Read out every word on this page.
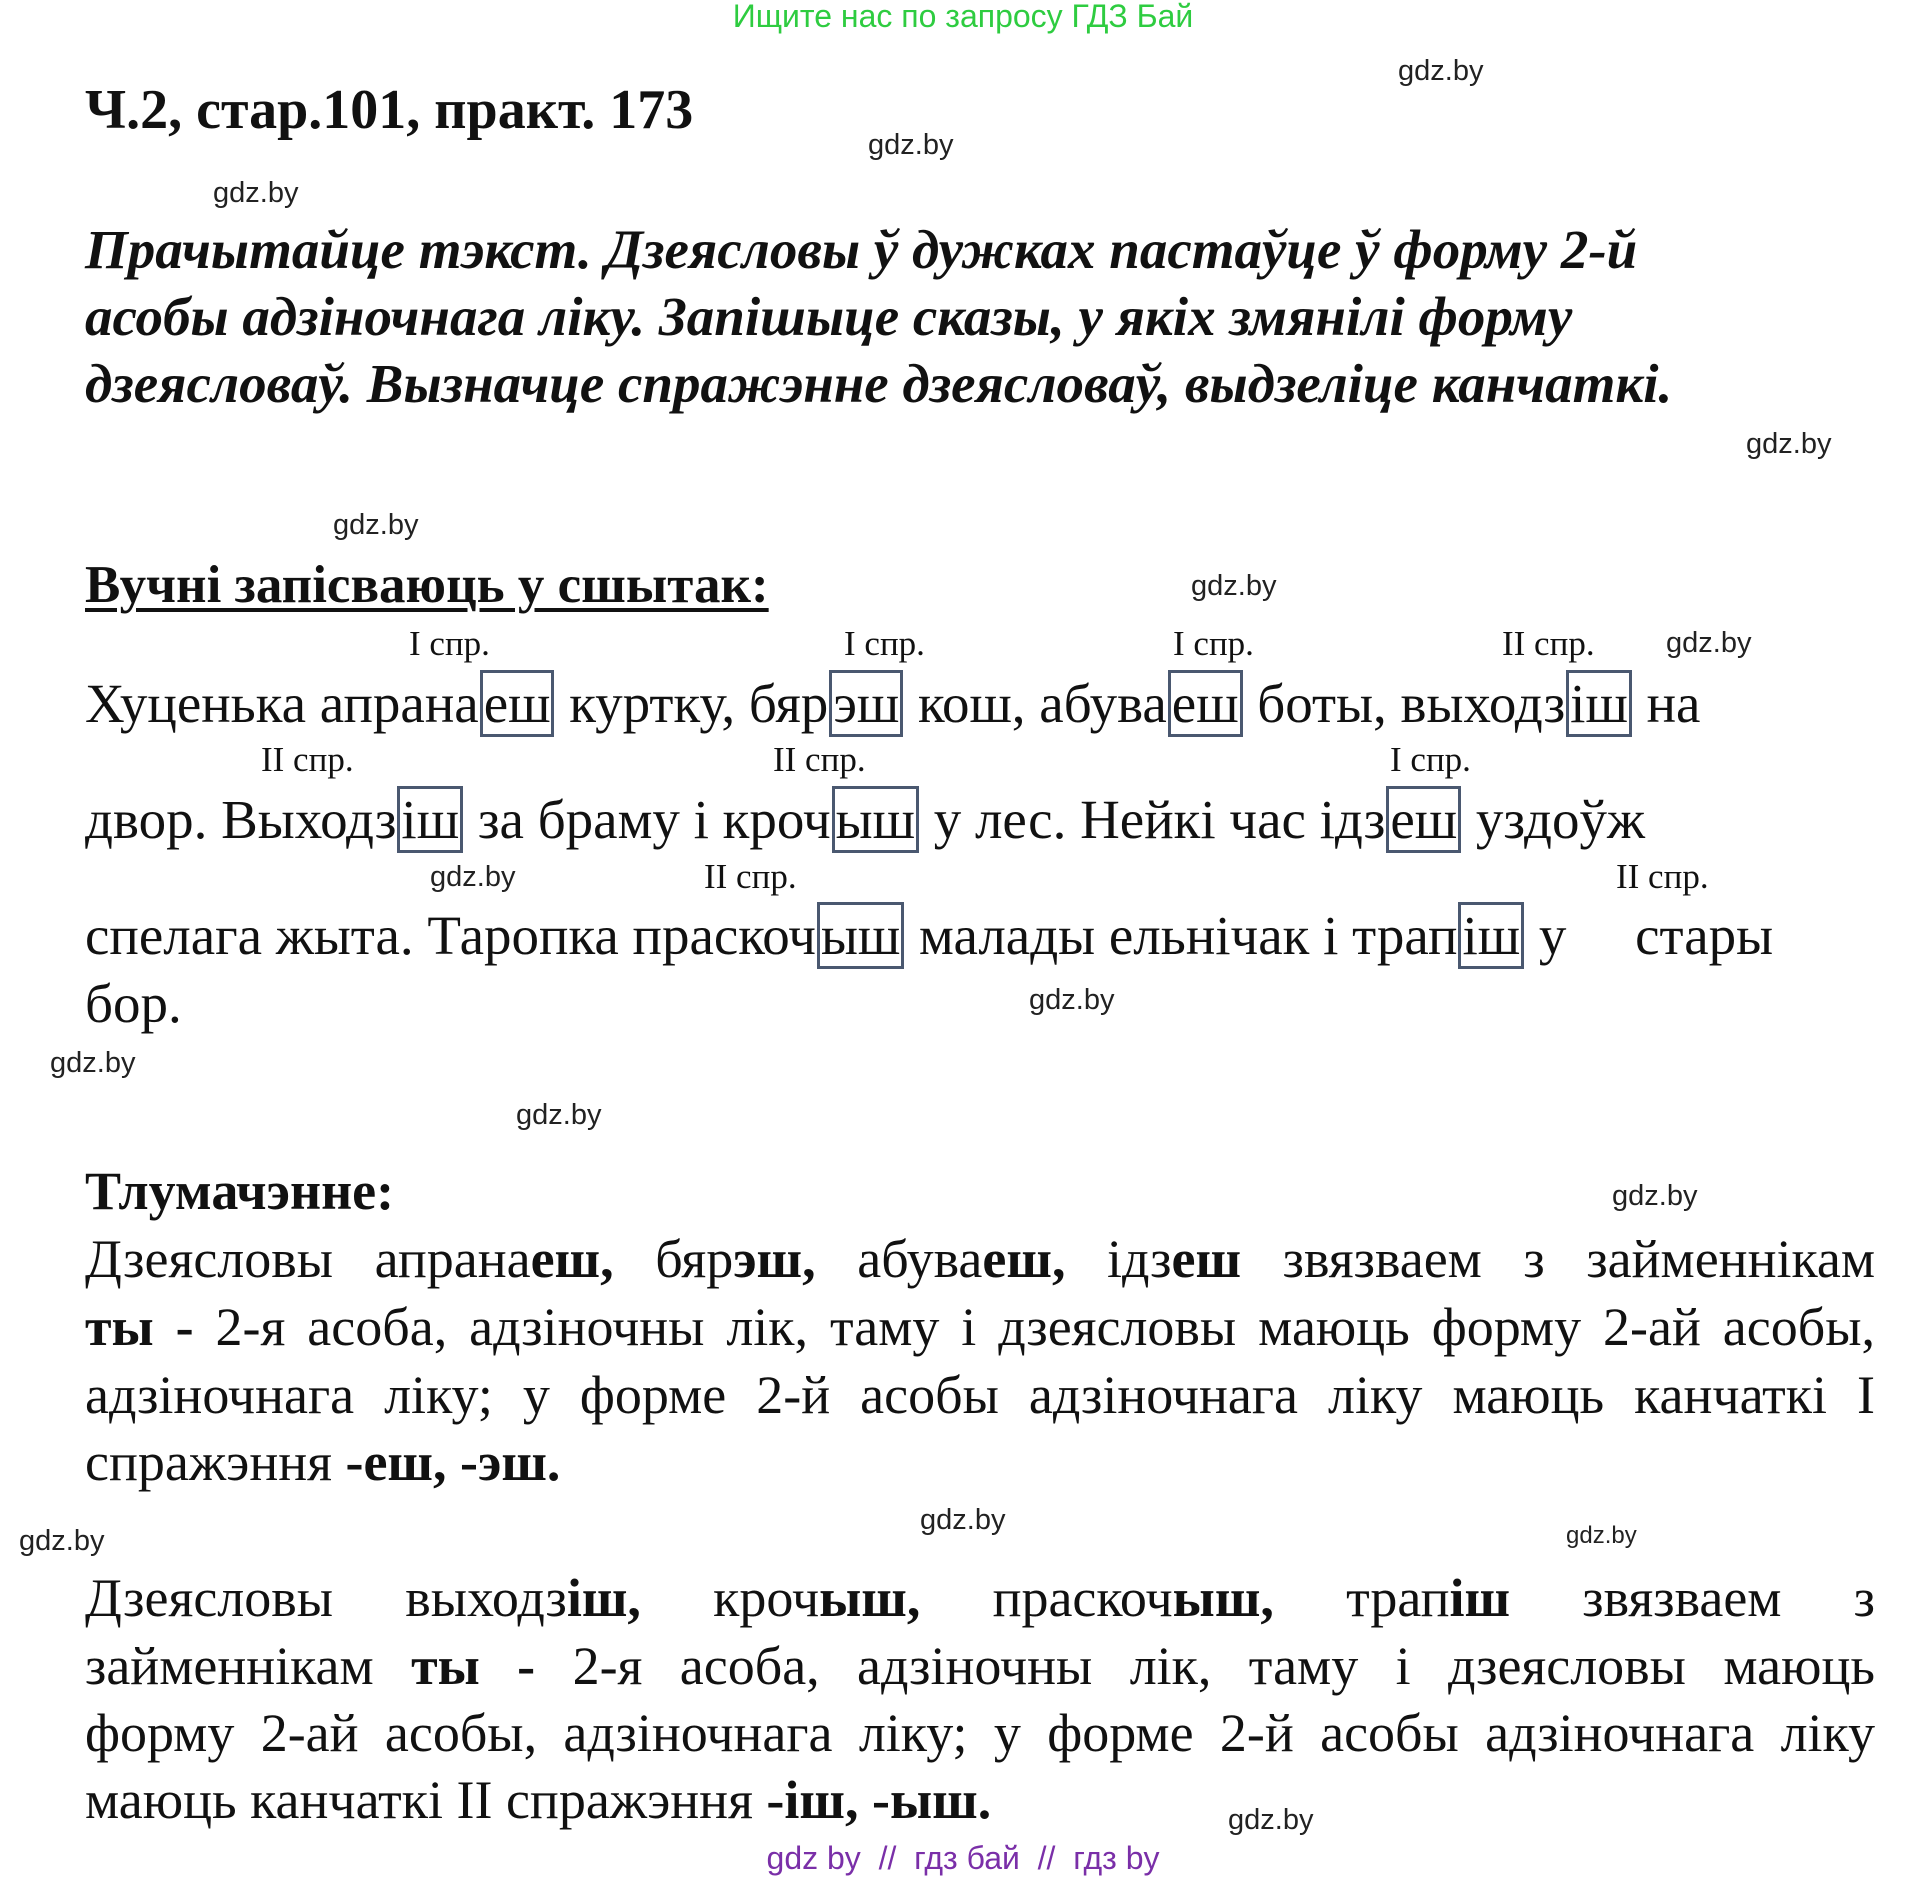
Ищите нас по запросу ГДЗ Бай
Ч.2, стар.101, практ. 173
Прачытайце тэкст. Дзеясловы ў дужках пастаўце ў форму 2-й
асобы адзіночнага ліку. Запішыце сказы, у якіх змянілі форму
дзеясловаў. Вызначце спражэнне дзеясловаў, выдзеліце канчаткі.
Вучні запісваюць у сшытак:
I спр.	I спр.	I спр.	II спр.
II спр.	II спр.	I спр.
II спр.	II спр.
Хуценька апранаеш куртку, бярэш кош, абуваеш боты, выходзіш на
двор. Выходзіш за браму і крочыш у лес. Нейкі час ідзеш уздоўж
спелага жыта. Таропка праскочыш малады ельнічак і трапіш у     стары
бор.
Тлумачэнне:
Дзеясловы апранаеш, бярэш, абуваеш, ідзеш звязваем з займеннікам
ты - 2-я асоба, адзіночны лік, таму і дзеясловы маюць форму 2-ай асобы,
адзіночнага ліку; у форме 2-й асобы адзіночнага ліку маюць канчаткі I
спражэння -еш, -эш.
Дзеясловы выходзіш, крочыш, праскочыш, трапіш звязваем з
займеннікам ты - 2-я асоба, адзіночны лік, таму і дзеясловы маюць
форму 2-ай асобы, адзіночнага ліку; у форме 2-й асобы адзіночнага ліку
маюць канчаткі II спражэння -іш, -ыш.
gdz.by
gdz.by
gdz.by
gdz.by
gdz.by
gdz.by
gdz.by
gdz.by
gdz.by
gdz.by
gdz.by
gdz.by
gdz.by
gdz.by	gdz.by
gdz.by
gdz by  //  гдз бай  //  гдз by
